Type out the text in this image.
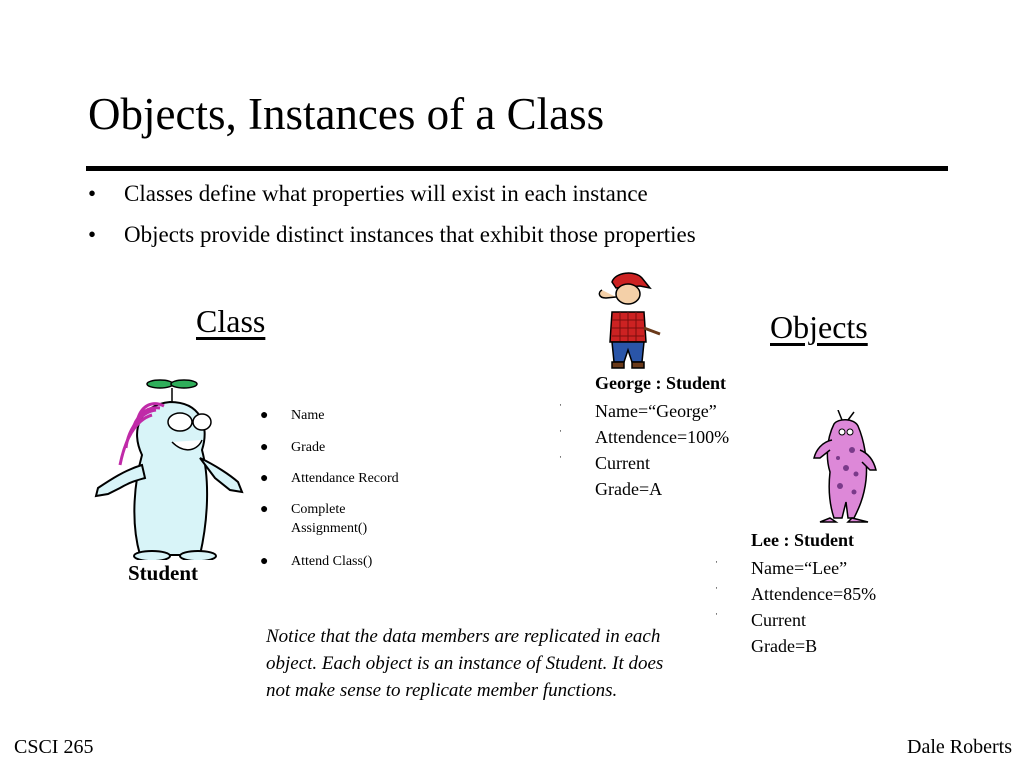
Objects, Instances of a Class
• Classes define what properties will exist in each instance
• Objects provide distinct instances that exhibit those properties
Class	Objects
Student
● Name
● Grade
● Attendance Record
● Complete Assignment()
● Attend Class()
George : Student
·
·
·
Name=“George”
Attendence=100%
Current
Grade=A
Lee : Student
·
·
·
Name=“Lee”
Attendence=85%
Current
Grade=B
Notice that the data members are replicated in each object. Each object is an instance of Student. It does not make sense to replicate member functions.
CSCI 265	Dale Roberts
